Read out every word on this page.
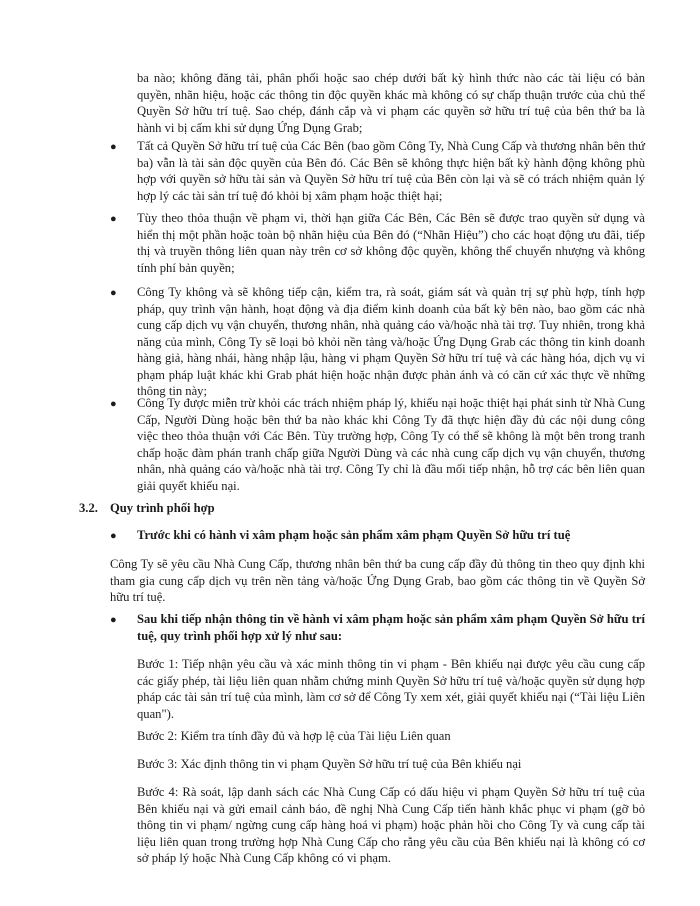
ba nào; không đăng tải, phân phối hoặc sao chép dưới bất kỳ hình thức nào các tài liệu có bản quyền, nhãn hiệu, hoặc các thông tin độc quyền khác mà không có sự chấp thuận trước của chủ thể Quyền Sở hữu trí tuệ. Sao chép, đánh cắp và vi phạm các quyền sở hữu trí tuệ của bên thứ ba là hành vi bị cấm khi sử dụng Ứng Dụng Grab;

● Tất cả Quyền Sở hữu trí tuệ của Các Bên (bao gồm Công Ty, Nhà Cung Cấp và thương nhân bên thứ ba) vẫn là tài sản độc quyền của Bên đó. Các Bên sẽ không thực hiện bất kỳ hành động không phù hợp với quyền sở hữu tài sản và Quyền Sở hữu trí tuệ của Bên còn lại và sẽ có trách nhiệm quản lý hợp lý các tài sản trí tuệ đó khỏi bị xâm phạm hoặc thiệt hại;

● Tùy theo thỏa thuận về phạm vi, thời hạn giữa Các Bên, Các Bên sẽ được trao quyền sử dụng và hiển thị một phần hoặc toàn bộ nhãn hiệu của Bên đó (“Nhãn Hiệu”) cho các hoạt động ưu đãi, tiếp thị và truyền thông liên quan này trên cơ sở không độc quyền, không thể chuyển nhượng và không tính phí bản quyền;

● Công Ty không và sẽ không tiếp cận, kiểm tra, rà soát, giám sát và quản trị sự phù hợp, tính hợp pháp, quy trình vận hành, hoạt động và địa điểm kinh doanh của bất kỳ bên nào, bao gồm các nhà cung cấp dịch vụ vận chuyển, thương nhân, nhà quảng cáo và/hoặc nhà tài trợ. Tuy nhiên, trong khả năng của mình, Công Ty sẽ loại bỏ khỏi nền tảng và/hoặc Ứng Dụng Grab các thông tin kinh doanh hàng giả, hàng nhái, hàng nhập lậu, hàng vi phạm Quyền Sở hữu trí tuệ và các hàng hóa, dịch vụ vi phạm pháp luật khác khi Grab phát hiện hoặc nhận được phản ánh và có căn cứ xác thực về những thông tin này;

● Công Ty được miễn trừ khỏi các trách nhiệm pháp lý, khiếu nại hoặc thiệt hại phát sinh từ Nhà Cung Cấp, Người Dùng hoặc bên thứ ba nào khác khi Công Ty đã thực hiện đầy đủ các nội dung công việc theo thỏa thuận với Các Bên. Tùy trường hợp, Công Ty có thể sẽ không là một bên trong tranh chấp hoặc đàm phán tranh chấp giữa Người Dùng và các nhà cung cấp dịch vụ vận chuyển, thương nhân, nhà quảng cáo và/hoặc nhà tài trợ. Công Ty chỉ là đầu mối tiếp nhận, hỗ trợ các bên liên quan giải quyết khiếu nại.

3.2. Quy trình phối hợp
● Trước khi có hành vi xâm phạm hoặc sản phẩm xâm phạm Quyền Sở hữu trí tuệ

Công Ty sẽ yêu cầu Nhà Cung Cấp, thương nhân bên thứ ba cung cấp đầy đủ thông tin theo quy định khi tham gia cung cấp dịch vụ trên nền tảng và/hoặc Ứng Dụng Grab, bao gồm các thông tin về Quyền Sở hữu trí tuệ.

● Sau khi tiếp nhận thông tin về hành vi xâm phạm hoặc sản phẩm xâm phạm Quyền Sở hữu trí tuệ, quy trình phối hợp xử lý như sau:

Bước 1: Tiếp nhận yêu cầu và xác minh thông tin vi phạm - Bên khiếu nại được yêu cầu cung cấp các giấy phép, tài liệu liên quan nhằm chứng minh Quyền Sở hữu trí tuệ và/hoặc quyền sử dụng hợp pháp các tài sản trí tuệ của mình, làm cơ sở để Công Ty xem xét, giải quyết khiếu nại (“Tài liệu Liên quan").

Bước 2: Kiểm tra tính đầy đủ và hợp lệ của Tài liệu Liên quan

Bước 3: Xác định thông tin vi phạm Quyền Sở hữu trí tuệ của Bên khiếu nại

Bước 4: Rà soát, lập danh sách các Nhà Cung Cấp có dấu hiệu vi phạm Quyền Sở hữu trí tuệ của Bên khiếu nại và gửi email cảnh báo, đề nghị Nhà Cung Cấp tiến hành khắc phục vi phạm (gỡ bỏ thông tin vi phạm/ ngừng cung cấp hàng hoá vi phạm) hoặc phản hồi cho Công Ty và cung cấp tài liệu liên quan trong trường hợp Nhà Cung Cấp cho rằng yêu cầu của Bên khiếu nại là không có cơ sở pháp lý hoặc Nhà Cung Cấp không có vi phạm.
